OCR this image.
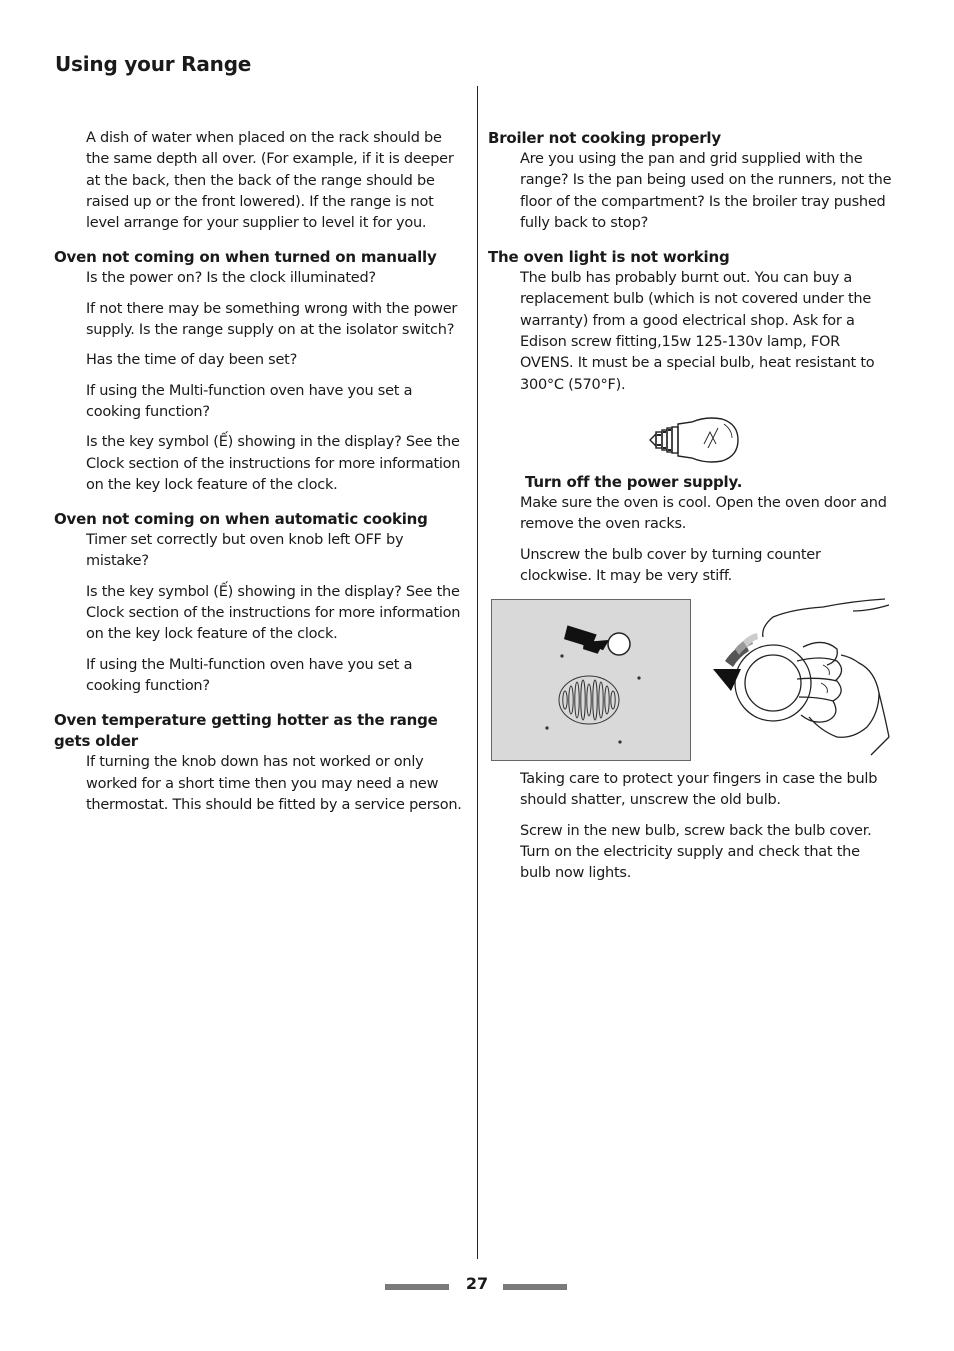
Using your Range

A dish of water when placed on the rack should be the same depth all over. (For example, if it is deeper at the back, then the back of the range should be raised up or the front lowered). If the range is not level arrange for your supplier to level it for you.

Oven not coming on when turned on manually

Is the power on? Is the clock illuminated?

If not there may be something wrong with the power supply. Is the range supply on at the isolator switch?

Has the time of day been set?

If using the Multi-function oven have you set a cooking function?

Is the key symbol (Ế) showing in the display? See the Clock section of the instructions for more information on the key lock feature of the clock.

Oven not coming on when automatic cooking

Timer set correctly but oven knob left OFF by mistake?

Is the key symbol (Ế) showing in the display? See the Clock section of the instructions for more information on the key lock feature of the clock.

If using the Multi-function oven have you set a cooking function?

Oven temperature getting hotter as the range gets older

If turning the knob down has not worked or only worked for a short time then you may need a new thermostat. This should be fitted by a service person.

Broiler not cooking properly

Are you using the pan and grid supplied with the range? Is the pan being used on the runners, not the floor of the compartment? Is the broiler tray pushed fully back to stop?

The oven light is not working

The bulb has probably burnt out. You can buy a replacement bulb (which is not covered under the warranty) from a good electrical shop. Ask for a Edison screw fitting,15w 125-130v lamp, FOR OVENS. It must be a special bulb, heat resistant to 300°C (570°F).

Turn off the power supply.

Make sure the oven is cool. Open the oven door and remove the oven racks.

Unscrew the bulb cover by turning counter clockwise. It may be very stiff.

Taking care to protect your fingers in case the bulb should shatter, unscrew the old bulb.

Screw in the new bulb, screw back the bulb cover. Turn on the electricity supply and check that the bulb now lights.

27
